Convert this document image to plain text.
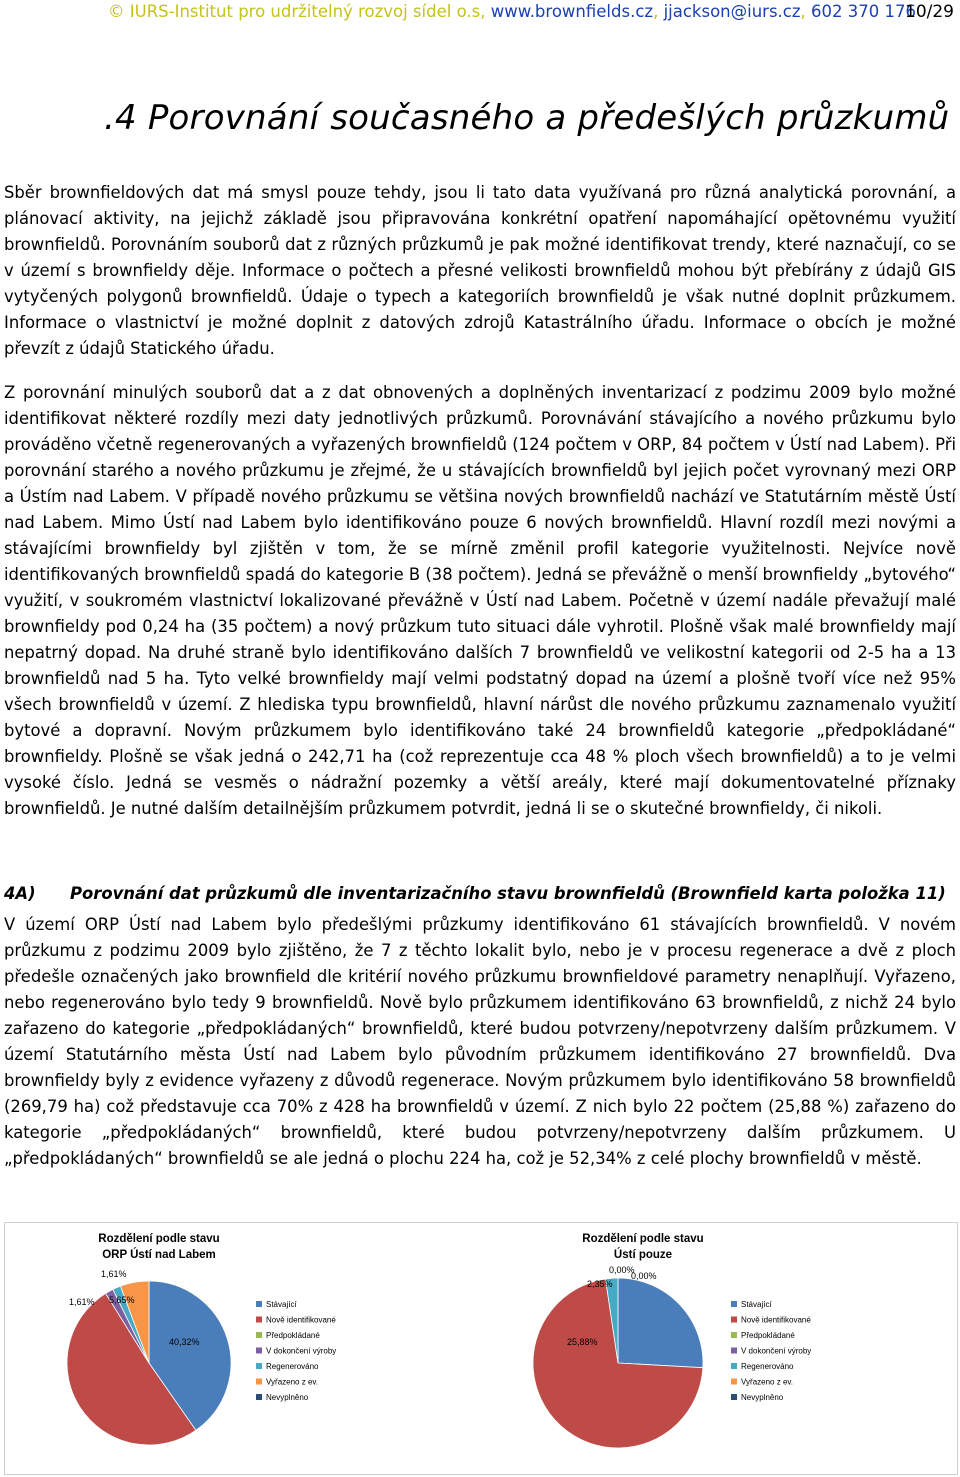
© IURS-Institut pro udržitelný rozvoj sídel o.s, www.brownfields.cz, jjackson@iurs.cz, 602 370 176
10/29
.4 Porovnání současného a předešlých průzkumů

Sběr brownfieldových dat má smysl pouze tehdy, jsou li tato data využívaná pro různá analytická porovnání, a plánovací aktivity, na jejichž základě jsou připravována konkrétní opatření napomáhající opětovnému využití brownfieldů. Porovnáním souborů dat z různých průzkumů je pak možné identifikovat trendy, které naznačují, co se v území s brownfieldy děje. Informace o počtech a přesné velikosti brownfieldů mohou být přebírány z údajů GIS vytyčených polygonů brownfieldů. Údaje o typech a kategoriích brownfieldů je však nutné doplnit průzkumem. Informace o vlastnictví je možné doplnit z datových zdrojů Katastrálního úřadu. Informace o obcích je možné převzít z údajů Statického úřadu.

Z porovnání minulých souborů dat a z dat obnovených a doplněných inventarizací z podzimu 2009 bylo možné identifikovat některé rozdíly mezi daty jednotlivých průzkumů. Porovnávání stávajícího a nového průzkumu bylo prováděno včetně regenerovaných a vyřazených brownfieldů (124 počtem v ORP, 84 počtem v Ústí nad Labem). Při porovnání starého a nového průzkumu je zřejmé, že u stávajících brownfieldů byl jejich počet vyrovnaný mezi ORP a Ústím nad Labem. V případě nového průzkumu se většina nových brownfieldů nachází ve Statutárním městě Ústí nad Labem. Mimo Ústí nad Labem bylo identifikováno pouze 6 nových brownfieldů. Hlavní rozdíl mezi novými a stávajícími brownfieldy byl zjištěn v tom, že se mírně změnil profil kategorie využitelnosti. Nejvíce nově identifikovaných brownfieldů spadá do kategorie B (38 počtem). Jedná se převážně o menší brownfieldy „bytového“ využití, v soukromém vlastnictví lokalizované převážně v Ústí nad Labem. Početně v území nadále převažují malé brownfieldy pod 0,24 ha (35 počtem) a nový průzkum tuto situaci dále vyhrotil. Plošně však malé brownfieldy mají nepatrný dopad. Na druhé straně bylo identifikováno dalších 7 brownfieldů ve velikostní kategorii od 2-5 ha a 13 brownfieldů nad 5 ha. Tyto velké brownfieldy mají velmi podstatný dopad na území a plošně tvoří více než 95% všech brownfieldů v území. Z hlediska typu brownfieldů, hlavní nárůst dle nového průzkumu zaznamenalo využití bytové a dopravní. Novým průzkumem bylo identifikováno také 24 brownfieldů kategorie „předpokládané“ brownfieldy. Plošně se však jedná o 242,71 ha (což reprezentuje cca 48 % ploch všech brownfieldů) a to je velmi vysoké číslo. Jedná se vesměs o nádražní pozemky a větší areály, které mají dokumentovatelné příznaky brownfieldů. Je nutné dalším detailnějším průzkumem potvrdit, jedná li se o skutečné brownfieldy, či nikoli.

4A) Porovnání dat průzkumů dle inventarizačního stavu brownfieldů (Brownfield karta položka 11)

V území ORP Ústí nad Labem bylo předešlými průzkumy identifikováno 61 stávajících brownfieldů. V novém průzkumu z podzimu 2009 bylo zjištěno, že 7 z těchto lokalit bylo, nebo je v procesu regenerace a dvě z ploch předešle označených jako brownfield dle kritérií nového průzkumu brownfieldové parametry nenaplňují. Vyřazeno, nebo regenerováno bylo tedy 9 brownfieldů. Nově bylo průzkumem identifikováno 63 brownfieldů, z nichž 24 bylo zařazeno do kategorie „předpokládaných“ brownfieldů, které budou potvrzeny/nepotvrzeny dalším průzkumem. V území Statutárního města Ústí nad Labem bylo původním průzkumem identifikováno 27 brownfieldů. Dva brownfieldy byly z evidence vyřazeny z důvodů regenerace. Novým průzkumem bylo identifikováno 58 brownfieldů (269,79 ha) což představuje cca 70% z 428 ha brownfieldů v území. Z nich bylo 22 počtem (25,88 %) zařazeno do kategorie „předpokládaných“ brownfieldů, které budou potvrzeny/nepotvrzeny dalším průzkumem. U „předpokládaných“ brownfieldů se ale jedná o plochu 224 ha, což je 52,34% z celé plochy brownfieldů v městě.

Rozdělení podle stavu
ORP Ústí nad Labem
40,32%
1,61%
1,61% 5,65%	Stávající
Nově identifikované
Předpokládané
V dokončení výroby
Regenerováno
Vyřazeno z ev.
Nevyplněno
Rozdělení podle stavu
Ústí pouze
25,88%
0,00%
2,35%
0,00%
Stávající
Nově identifikované
Předpokládané
V dokončení výroby
Regenerováno
Vyřazeno z ev.
Nevyplněno
